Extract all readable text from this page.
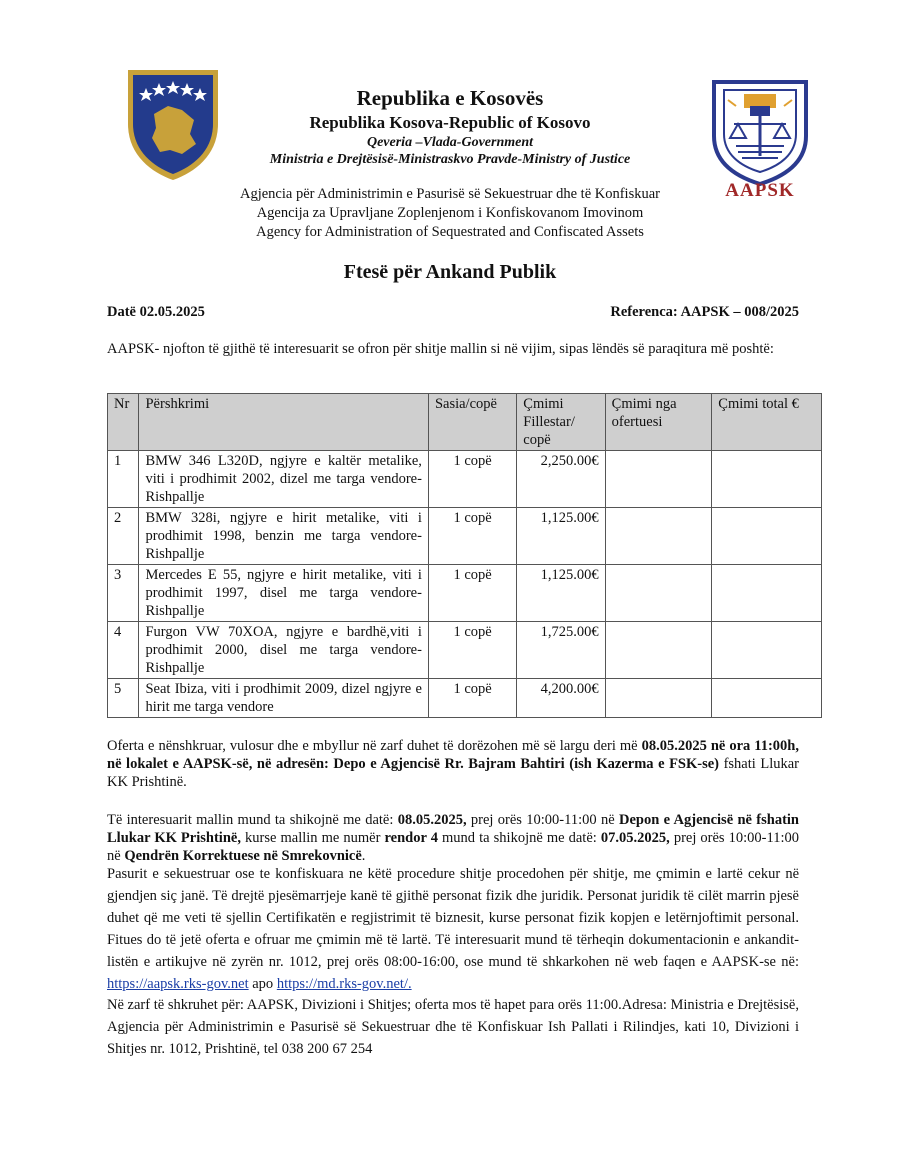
AAPSK
Republika e Kosovës
Republika Kosova-Republic of Kosovo
Qeveria –Vlada-Government
Ministria e Drejtësisë-Ministraskvo Pravde-Ministry of Justice
Agjencia për Administrimin e Pasurisë së Sekuestruar dhe të Konfiskuar
Agencija za Upravljane Zoplenjenom i Konfiskovanom Imovinom
Agency for Administration of Sequestrated and Confiscated Assets
Ftesë për Ankand Publik
Datë 02.05.2025	Referenca: AAPSK – 008/2025
AAPSK- njofton të gjithë të interesuarit se ofron për shitje mallin si në vijim, sipas lëndës së paraqitura më poshtë:
Nr	Përshkrimi	Sasia/copë	Çmimi Fillestar/ copë	Çmimi nga ofertuesi	Çmimi total €
1	BMW 346 L320D, ngjyre e kaltër metalike, viti i prodhimit 2002, dizel me targa vendore-Rishpallje	1 copë	2,250.00€		
2	BMW 328i, ngjyre e hirit metalike, viti i prodhimit 1998, benzin me targa vendore-Rishpallje	1 copë	1,125.00€		
3	Mercedes E 55, ngjyre e hirit metalike, viti i prodhimit 1997, disel me targa vendore-Rishpallje	1 copë	1,125.00€		
4	Furgon VW 70XOA, ngjyre e bardhë,viti i prodhimit 2000, disel me targa vendore-Rishpallje	1 copë	1,725.00€		
5	Seat Ibiza, viti i prodhimit 2009, dizel ngjyre e hirit me targa vendore	1 copë	4,200.00€		
Oferta e nënshkruar, vulosur dhe e mbyllur në zarf duhet të dorëzohen më së largu deri më 08.05.2025 në ora 11:00h, në lokalet e AAPSK-së, në adresën: Depo e Agjencisë Rr. Bajram Bahtiri (ish Kazerma e FSK-se) fshati Llukar KK Prishtinë.
Të interesuarit mallin mund ta shikojnë me datë: 08.05.2025, prej orës 10:00-11:00 në Depon e Agjencisë në fshatin Llukar KK Prishtinë, kurse mallin me numër rendor 4 mund ta shikojnë me datë: 07.05.2025, prej orës 10:00-11:00 në Qendrën Korrektuese në Smrekovnicë.
Pasurit e sekuestruar ose te konfiskuara ne këtë procedure shitje procedohen për shitje, me çmimin e lartë cekur në gjendjen siç janë. Të drejtë pjesëmarrjeje kanë të gjithë personat fizik dhe juridik. Personat juridik të cilët marrin pjesë duhet që me veti të sjellin Certifikatën e regjistrimit të biznesit, kurse personat fizik kopjen e letërnjoftimit personal. Fitues do të jetë oferta e ofruar me çmimin më të lartë. Të interesuarit mund të tërheqin dokumentacionin e ankandit-listën e artikujve në zyrën nr. 1012, prej orës 08:00-16:00, ose mund të shkarkohen në web faqen e AAPSK-se në: https://aapsk.rks-gov.net apo https://md.rks-gov.net/.
Në zarf të shkruhet për: AAPSK, Divizioni i Shitjes; oferta mos të hapet para orës 11:00.Adresa: Ministria e Drejtësisë, Agjencia për Administrimin e Pasurisë së Sekuestruar dhe të Konfiskuar Ish Pallati i Rilindjes, kati 10, Divizioni i Shitjes nr. 1012, Prishtinë, tel 038 200 67 254
